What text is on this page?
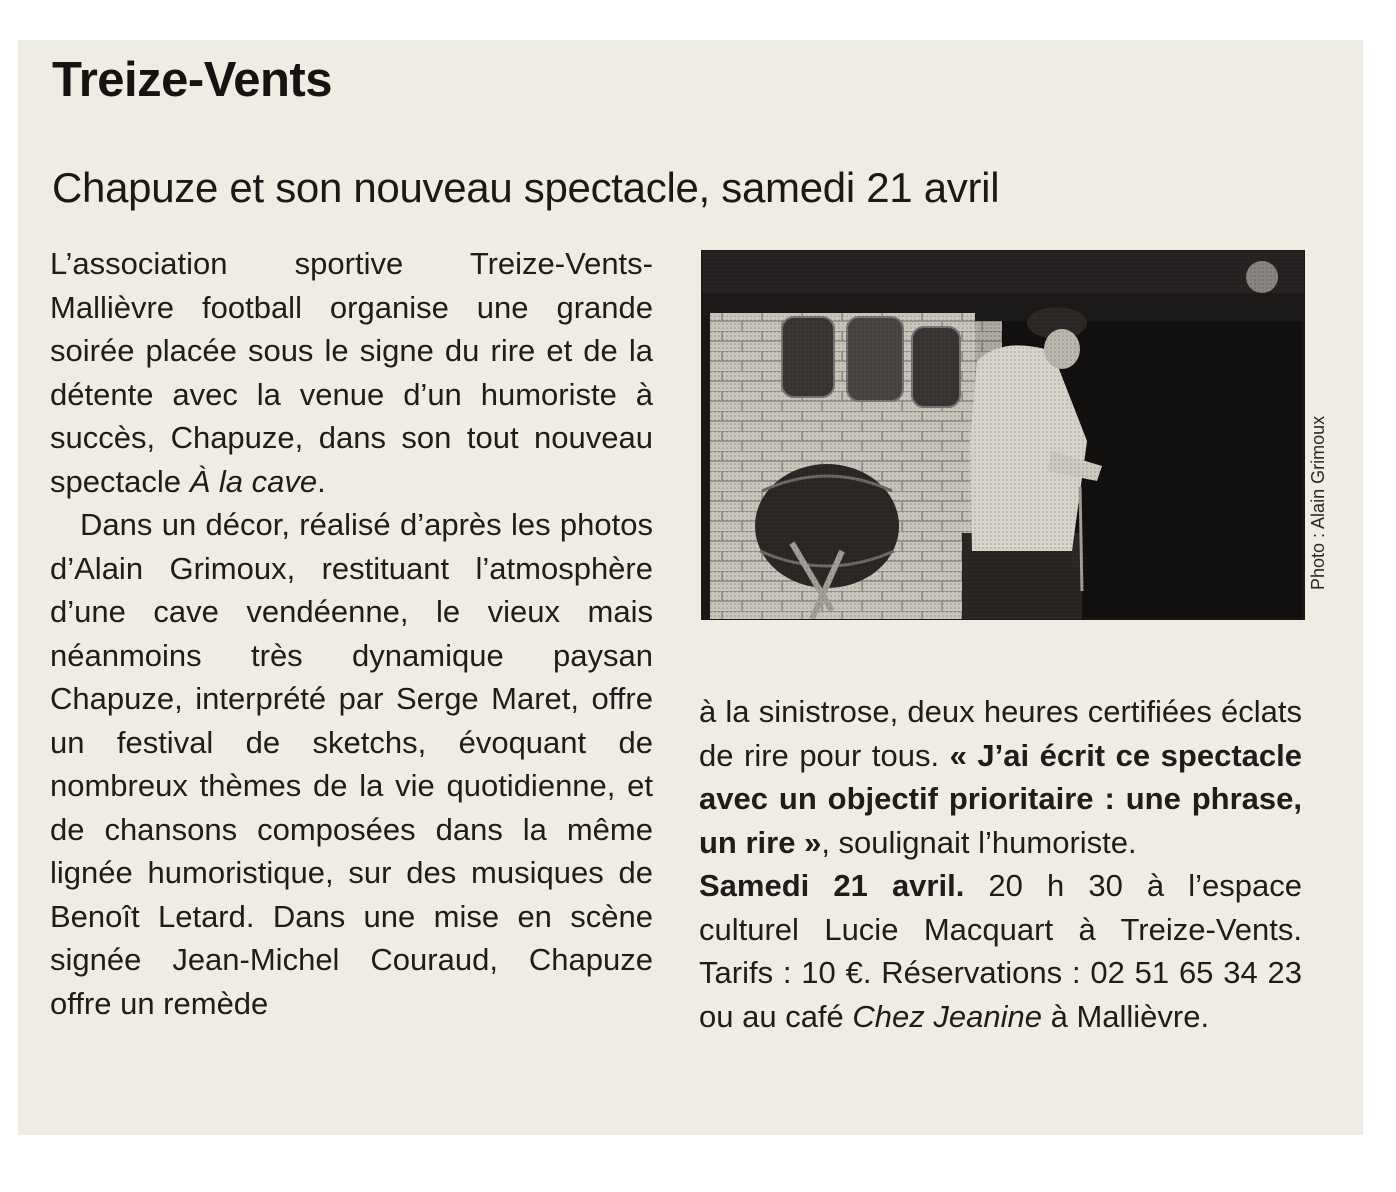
Treize-Vents
Chapuze et son nouveau spectacle, samedi 21 avril

L’association sportive Treize-Vents-Mallièvre football organise une grande soirée placée sous le signe du rire et de la détente avec la venue d’un humoriste à succès, Chapuze, dans son tout nouveau spectacle À la cave.

Dans un décor, réalisé d’après les photos d’Alain Grimoux, restituant l’atmosphère d’une cave vendéenne, le vieux mais néanmoins très dynamique paysan Chapuze, interprété par Serge Maret, offre un festival de sketchs, évoquant de nombreux thèmes de la vie quotidienne, et de chansons composées dans la même lignée humoristique, sur des musiques de Benoît Letard. Dans une mise en scène signée Jean-Michel Couraud, Chapuze offre un remède

Photo : Alain Grimoux

à la sinistrose, deux heures certifiées éclats de rire pour tous. « J’ai écrit ce spectacle avec un objectif prioritaire : une phrase, un rire », soulignait l’humoriste.

Samedi 21 avril. 20 h 30 à l’espace culturel Lucie Macquart à Treize-Vents. Tarifs : 10 €. Réservations : 02 51 65 34 23 ou au café Chez Jeanine à Mallièvre.
